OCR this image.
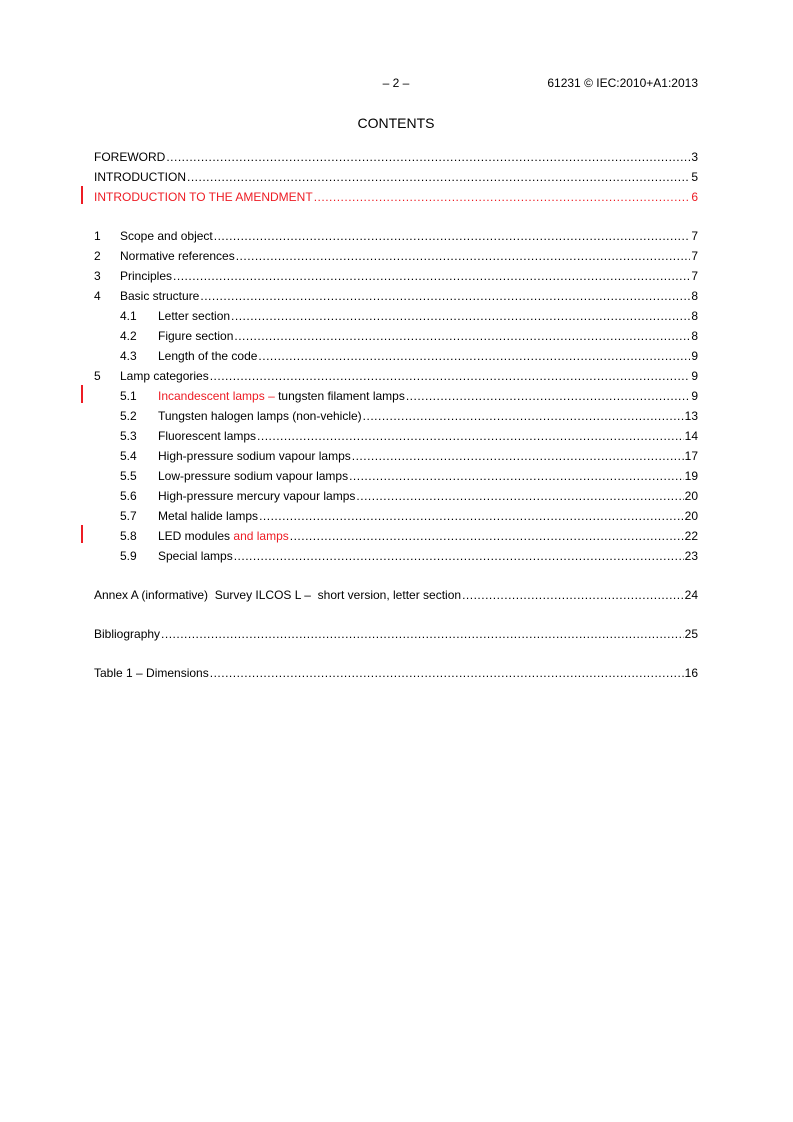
– 2 –	61231 © IEC:2010+A1:2013
CONTENTS
FOREWORD .....	3
INTRODUCTION .....	5
INTRODUCTION TO THE AMENDMENT .....	6
1	Scope and object .....	7
2	Normative references .....	7
3	Principles .....	7
4	Basic structure .....	8
4.1	Letter section .....	8
4.2	Figure section .....	8
4.3	Length of the code .....	9
5	Lamp categories .....	9
5.1	Incandescent lamps – tungsten filament lamps .....	9
5.2	Tungsten halogen lamps (non-vehicle) .....	13
5.3	Fluorescent lamps .....	14
5.4	High-pressure sodium vapour lamps .....	17
5.5	Low-pressure sodium vapour lamps .....	19
5.6	High-pressure mercury vapour lamps .....	20
5.7	Metal halide lamps .....	20
5.8	LED modules and lamps .....	22
5.9	Special lamps .....	23
Annex A (informative)  Survey ILCOS L –  short version, letter section .....	24
Bibliography .....	25
Table 1 – Dimensions .....	16
